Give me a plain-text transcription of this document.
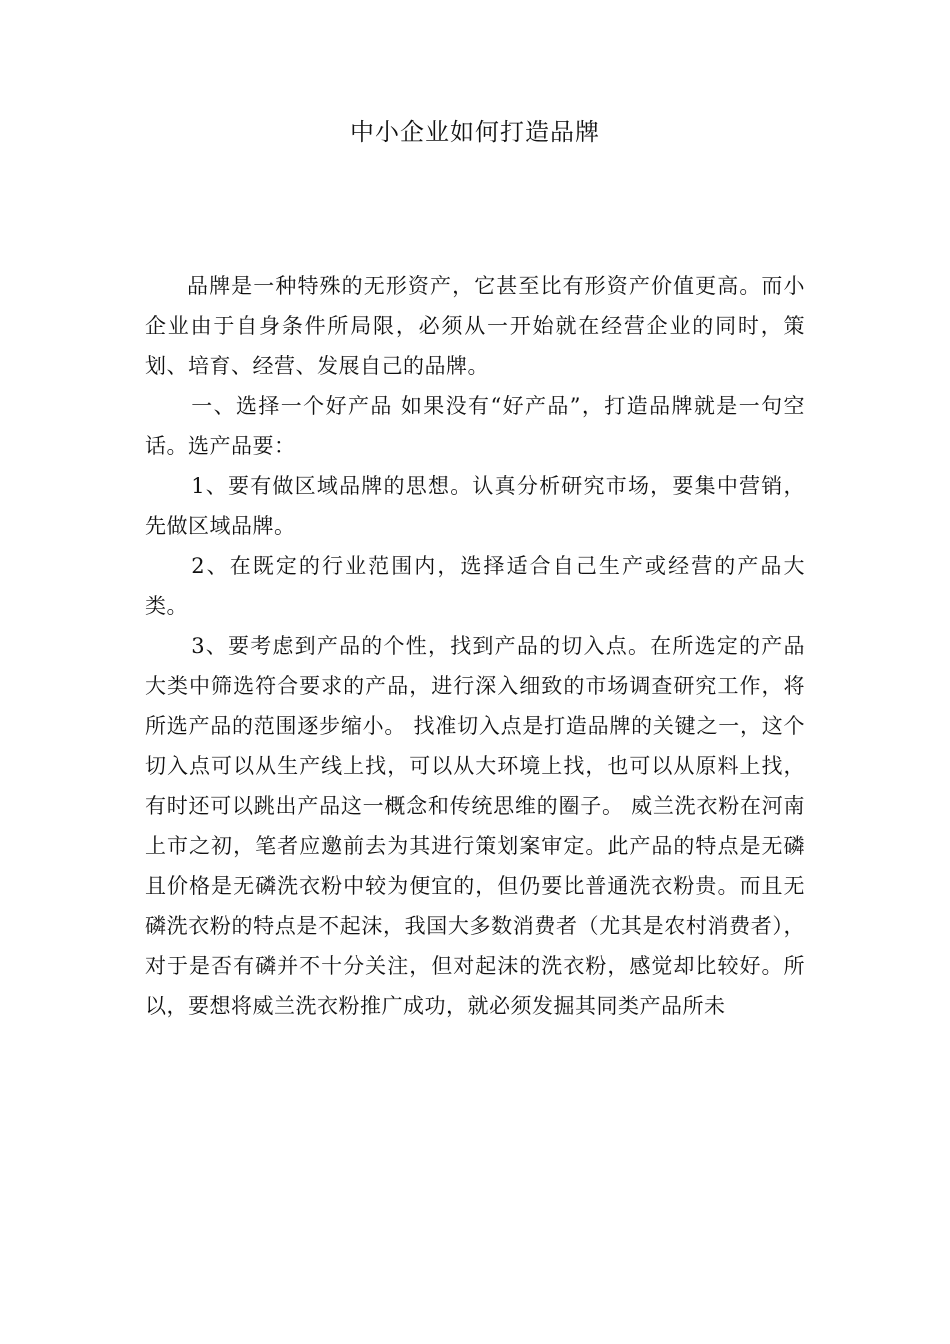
中小企业如何打造品牌

品牌是一种特殊的无形资产，它甚至比有形资产价值更高。而小企业由于自身条件所局限，必须从一开始就在经营企业的同时，策划、培育、经营、发展自己的品牌。

一、选择一个好产品 如果没有“好产品”，打造品牌就是一句空话。选产品要：

1、要有做区域品牌的思想。认真分析研究市场，要集中营销，先做区域品牌。

2、在既定的行业范围内，选择适合自己生产或经营的产品大类。

3、要考虑到产品的个性，找到产品的切入点。在所选定的产品大类中筛选符合要求的产品，进行深入细致的市场调查研究工作，将所选产品的范围逐步缩小。 找准切入点是打造品牌的关键之一，这个切入点可以从生产线上找，可以从大环境上找，也可以从原料上找，有时还可以跳出产品这一概念和传统思维的圈子。 威兰洗衣粉在河南上市之初，笔者应邀前去为其进行策划案审定。此产品的特点是无磷且价格是无磷洗衣粉中较为便宜的，但仍要比普通洗衣粉贵。而且无磷洗衣粉的特点是不起沫，我国大多数消费者（尤其是农村消费者），对于是否有磷并不十分关注，但对起沫的洗衣粉，感觉却比较好。所以，要想将威兰洗衣粉推广成功，就必须发掘其同类产品所未
